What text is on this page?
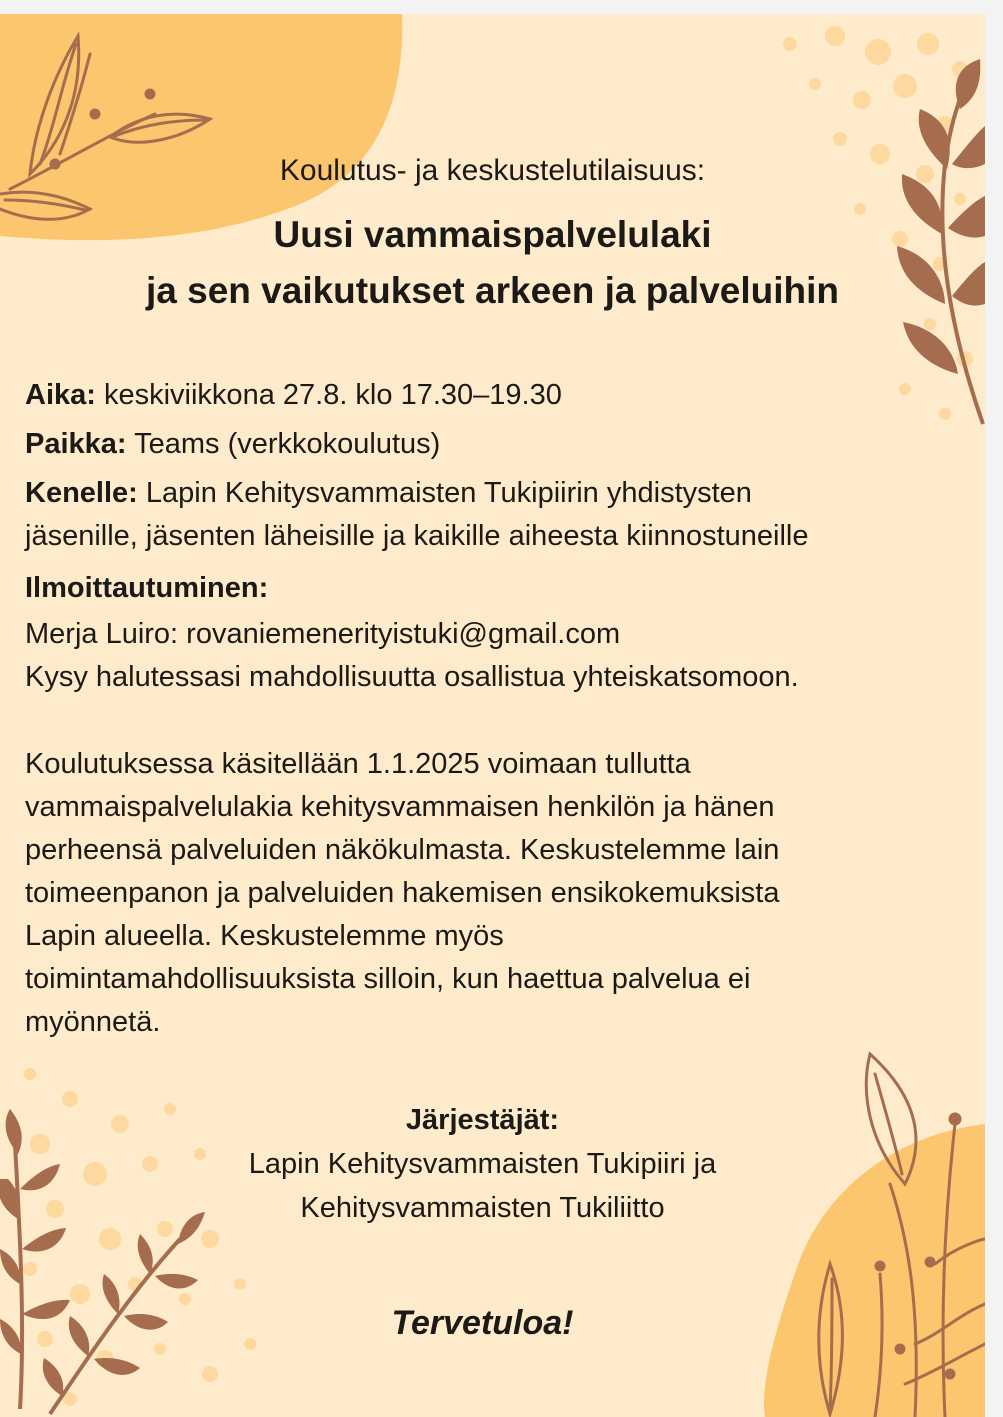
Koulutus- ja keskustelutilaisuus:
Uusi vammaispalvelulaki
ja sen vaikutukset arkeen ja palveluihin
Aika: keskiviikkona 27.8. klo 17.30–19.30
Paikka: Teams (verkkokoulutus)
Kenelle: Lapin Kehitysvammaisten Tukipiirin yhdistysten
jäsenille, jäsenten läheisille ja kaikille aiheesta kiinnostuneille
Ilmoittautuminen:
Merja Luiro: rovaniemenerityistuki@gmail.com
Kysy halutessasi mahdollisuutta osallistua yhteiskatsomoon.
Koulutuksessa käsitellään 1.1.2025 voimaan tullutta
vammaispalvelulakia kehitysvammaisen henkilön ja hänen
perheensä palveluiden näkökulmasta. Keskustelemme lain
toimeenpanon ja palveluiden hakemisen ensikokemuksista
Lapin alueella. Keskustelemme myös
toimintamahdollisuuksista silloin, kun haettua palvelua ei
myönnetä.
Järjestäjät:
Lapin Kehitysvammaisten Tukipiiri ja
Kehitysvammaisten Tukiliitto
Tervetuloa!
